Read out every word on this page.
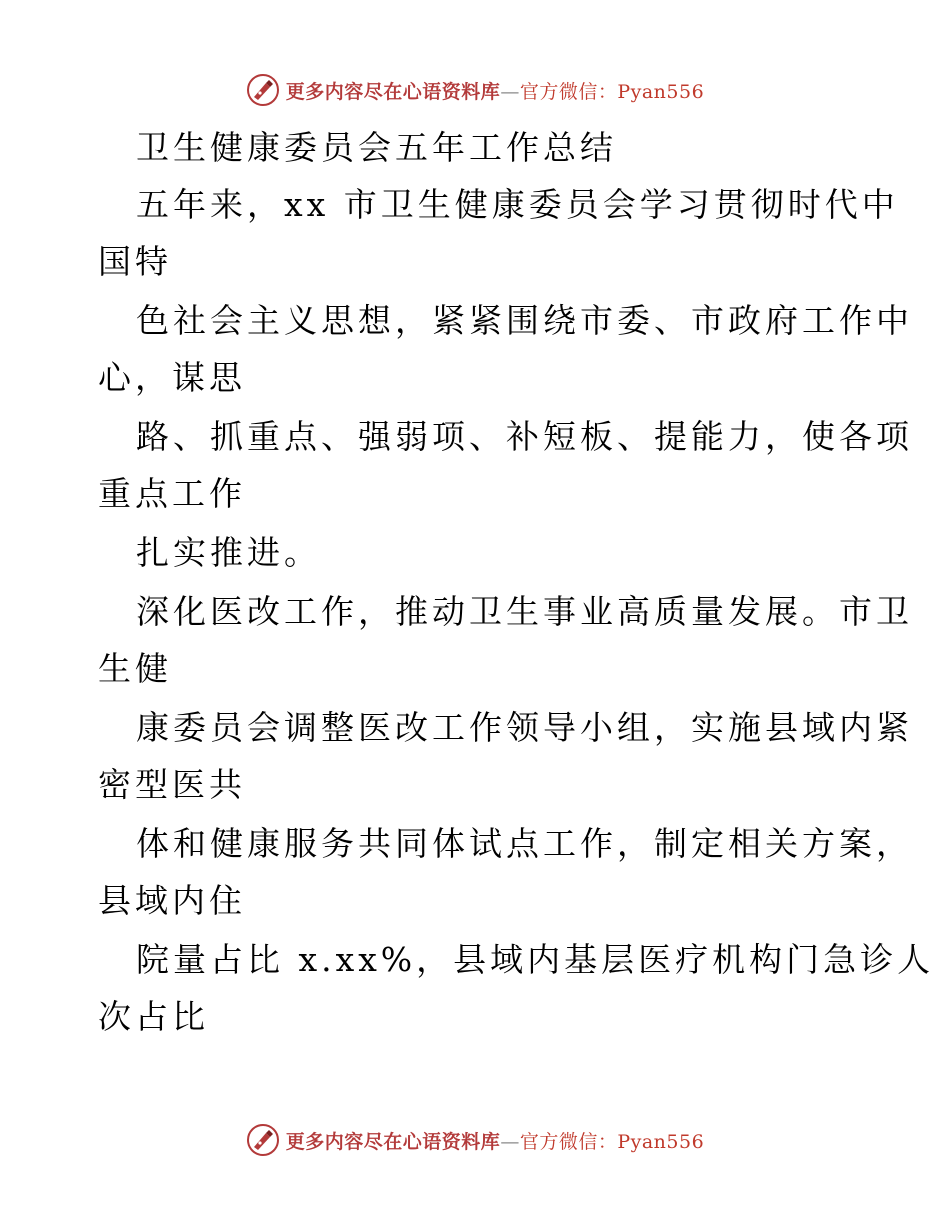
更多内容尽在心语资料库—官方微信：Pyan556
卫生健康委员会五年工作总结
五年来，xx 市卫生健康委员会学习贯彻时代中
国特
色社会主义思想，紧紧围绕市委、市政府工作中
心，谋思
路、抓重点、强弱项、补短板、提能力，使各项
重点工作
扎实推进。
深化医改工作，推动卫生事业高质量发展。市卫
生健
康委员会调整医改工作领导小组，实施县域内紧
密型医共
体和健康服务共同体试点工作，制定相关方案，
县域内住
院量占比 x.xx%，县域内基层医疗机构门急诊人
次占比
更多内容尽在心语资料库—官方微信：Pyan556
